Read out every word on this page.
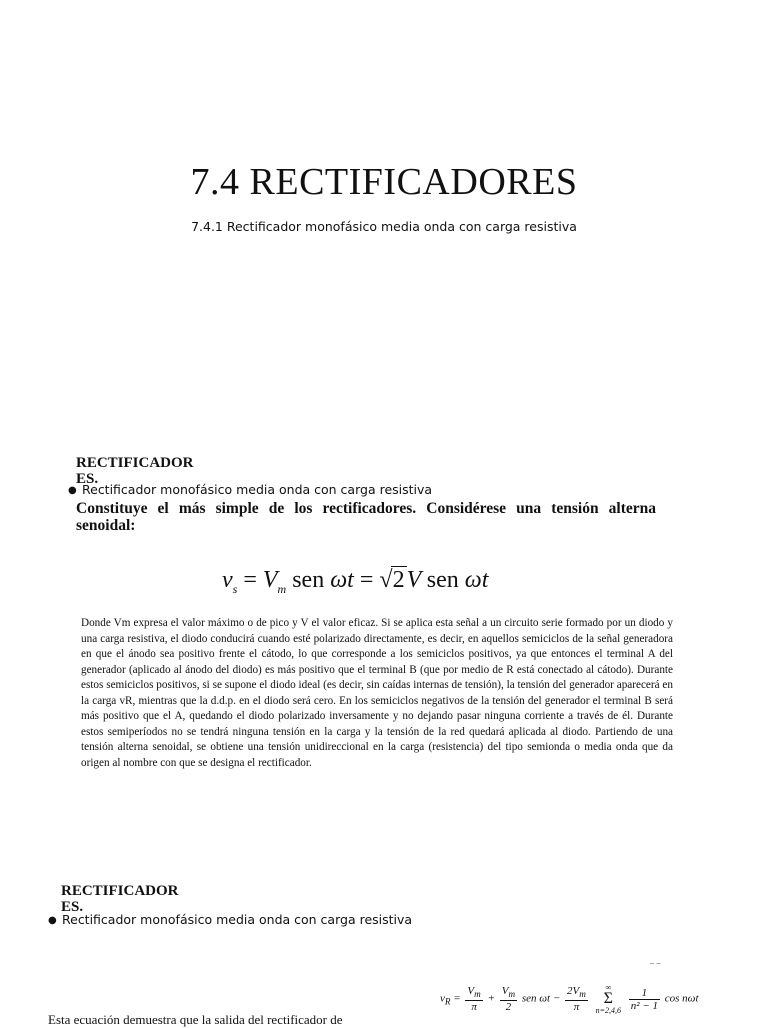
7.4 RECTIFICADORES
7.4.1 Rectificador monofásico media onda con carga resistiva
RECTIFICADOR ES.
● Rectificador monofásico media onda con carga resistiva
Constituye el más simple de los rectificadores. Considérese una tensión alterna senoidal:
$v_s = V_m$ sen ωt = √2V sen ωt
Donde Vm expresa el valor máximo o de pico y V el valor eficaz. Si se aplica esta señal a un circuito serie formado por un diodo y una carga resistiva, el diodo conducirá cuando esté polarizado directamente, es decir, en aquellos semiciclos de la señal generadora en que el ánodo sea positivo frente el cátodo, lo que corresponde a los semiciclos positivos, ya que entonces el terminal A del generador (aplicado al ánodo del diodo) es más positivo que el terminal B (que por medio de R está conectado al cátodo). Durante estos semiciclos positivos, si se supone el diodo ideal (es decir, sin caídas internas de tensión), la tensión del generador aparecerá en la carga vR, mientras que la d.d.p. en el diodo será cero. En los semiciclos negativos de la tensión del generador el terminal B será más positivo que el A, quedando el diodo polarizado inversamente y no dejando pasar ninguna corriente a través de él. Durante estos semiperíodos no se tendrá ninguna tensión en la carga y la tensión de la red quedará aplicada al diodo. Partiendo de una tensión alterna senoidal, se obtiene una tensión unidireccional en la carga (resistencia) del tipo semionda o media onda que da origen al nombre con que se designa el rectificador.
RECTIFICADOR ES.
● Rectificador monofásico media onda con carga resistiva
‾ ‾
$v_R = \frac{V_m}{\pi} + \frac{V_m}{2}$ sen $\omega t - \frac{2V_m}{\pi}$ ∞
Σ
$n=2,4,6 \frac{1}{\text{n² − 1}}$ cos nωt
Esta ecuación demuestra que la salida del rectificador de
